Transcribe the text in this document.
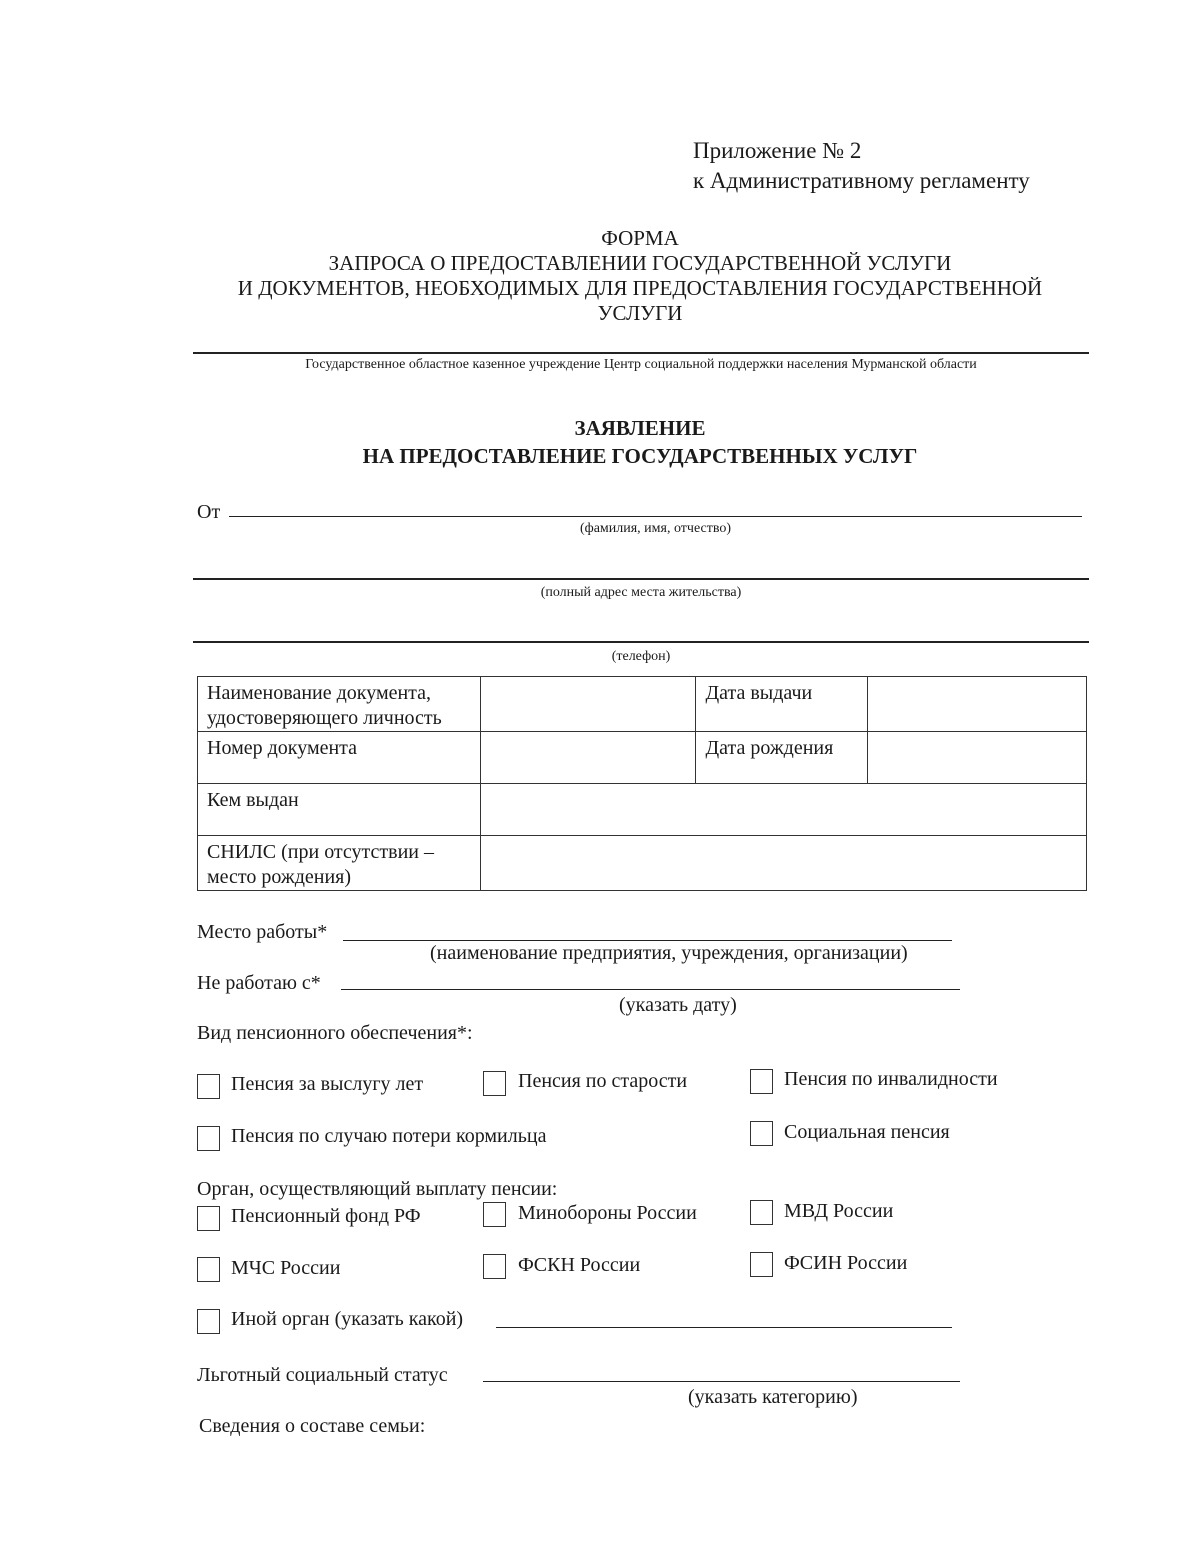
Приложение № 2
к Административному регламенту
ФОРМА
ЗАПРОСА О ПРЕДОСТАВЛЕНИИ ГОСУДАРСТВЕННОЙ УСЛУГИ
И ДОКУМЕНТОВ, НЕОБХОДИМЫХ ДЛЯ ПРЕДОСТАВЛЕНИЯ ГОСУДАРСТВЕННОЙ
УСЛУГИ
Государственное областное казенное учреждение Центр социальной поддержки населения Мурманской области
ЗАЯВЛЕНИЕ
НА ПРЕДОСТАВЛЕНИЕ ГОСУДАРСТВЕННЫХ УСЛУГ
От
(фамилия, имя, отчество)
(полный адрес места жительства)
(телефон)
Наименование документа, удостоверяющего личность		Дата выдачи	
Номер документа		Дата рождения	
Кем выдан			
СНИЛС (при отсутствии – место рождения)			
Место работы*
(наименование предприятия, учреждения, организации)
Не работаю с*
(указать дату)
Вид пенсионного обеспечения*:
Пенсия за выслугу лет	Пенсия по старости	Пенсия по инвалидности
Пенсия по случаю потери кормильца	Социальная пенсия
Орган, осуществляющий выплату пенсии:
Пенсионный фонд РФ	Минобороны России	МВД России
МЧС России	ФСКН России	ФСИН России
Иной орган (указать какой)
Льготный социальный статус
(указать категорию)
Сведения о составе семьи:
